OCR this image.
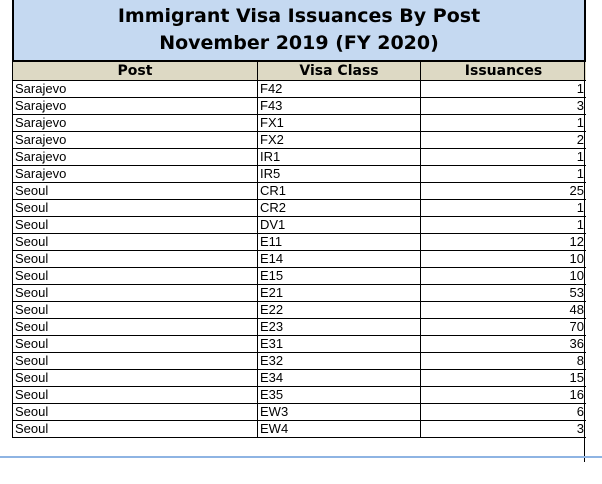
Immigrant Visa Issuances By Post
November 2019 (FY 2020)
Post	Visa Class	Issuances
Sarajevo	F42	1
Sarajevo	F43	3
Sarajevo	FX1	1
Sarajevo	FX2	2
Sarajevo	IR1	1
Sarajevo	IR5	1
Seoul	CR1	25
Seoul	CR2	1
Seoul	DV1	1
Seoul	E11	12
Seoul	E14	10
Seoul	E15	10
Seoul	E21	53
Seoul	E22	48
Seoul	E23	70
Seoul	E31	36
Seoul	E32	8
Seoul	E34	15
Seoul	E35	16
Seoul	EW3	6
Seoul	EW4	3
